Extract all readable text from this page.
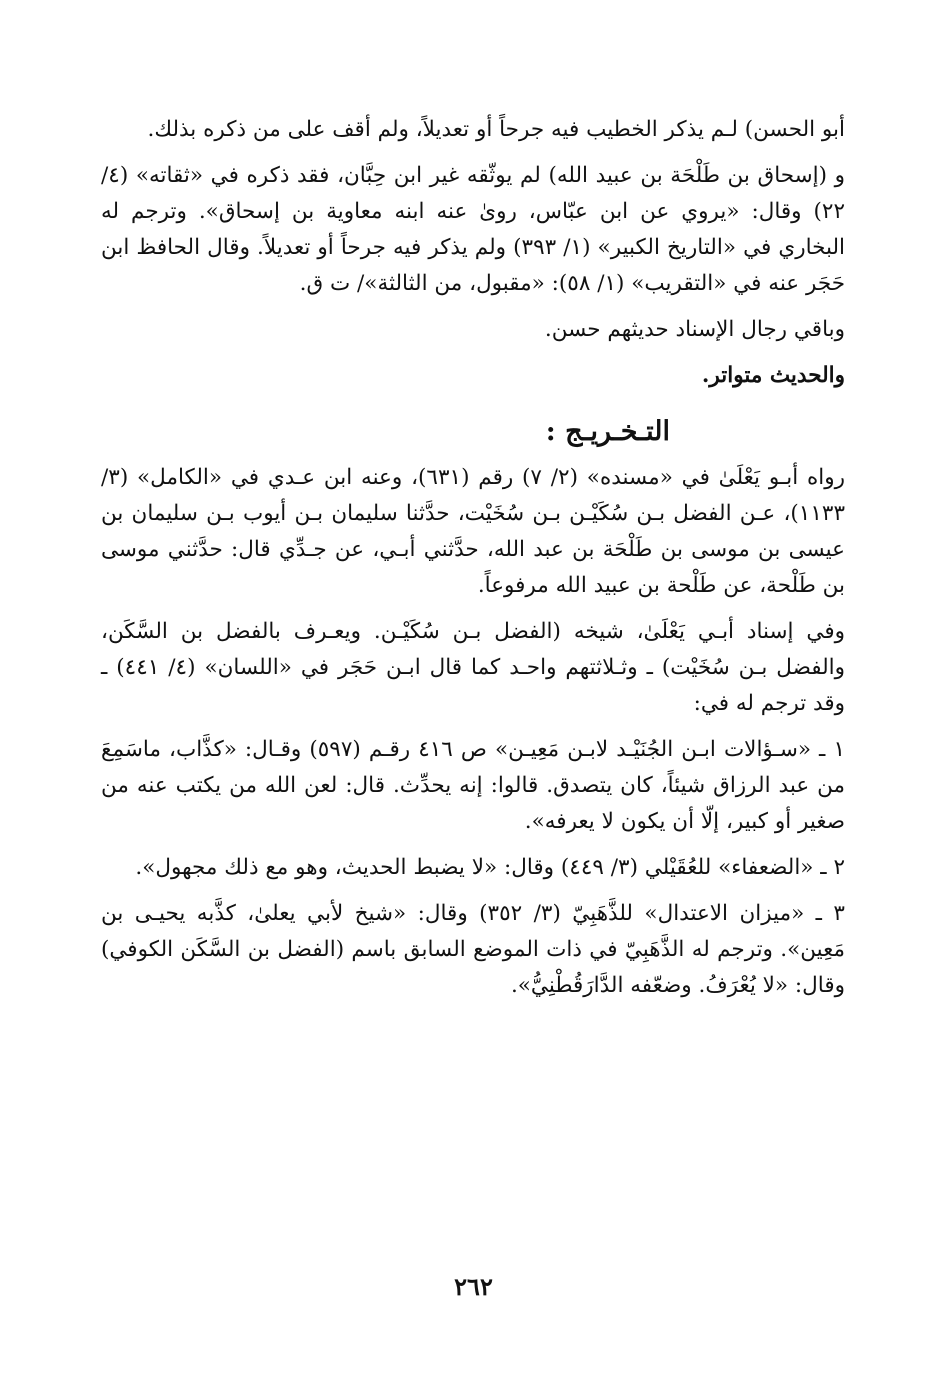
أبو الحسن) لـم يذكر الخطيب فيه جرحاً أو تعديلاً، ولم أقف على من ذكره بذلك.

و (إسحاق بن طَلْحَة بن عبيد الله) لم يوثّقه غير ابن حِبَّان، فقد ذكره في «ثقاته» (٤/ ٢٢) وقال: «يروي عن ابن عبّاس، روىٰ عنه ابنه معاوية بن إسحاق». وترجم له البخاري في «التاريخ الكبير» (١/ ٣٩٣) ولم يذكر فيه جرحاً أو تعديلاً. وقال الحافظ ابن حَجَر عنه في «التقريب» (١/ ٥٨): «مقبول، من الثالثة»/ ت ق.

وباقي رجال الإسناد حديثهم حسن.

والحديث متواتر.

التـخـريـج :

رواه أبـو يَعْلَىٰ في «مسنده» (٢/ ٧) رقم (٦٣١)، وعنه ابن عـدي في «الكامل» (٣/ ١١٣٣)، عـن الفضل بـن سُكَيْـن بـن سُخَيْت، حدَّثنا سليمان بـن أيوب بـن سليمان بن عيسى بن موسى بن طَلْحَة بن عبد الله، حدَّثني أبـي، عن جـدِّي قال: حدَّثني موسى بن طَلْحة، عن طَلْحة بن عبيد الله مرفوعاً.

وفي إسناد أبـي يَعْلَىٰ، شيخه (الفضل بـن سُكَيْـن. ويعـرف بالفضل بن السَّكَن، والفضل بـن سُخَيْت) ـ وثـلاثتهم واحـد كما قال ابـن حَجَر في «اللسان» (٤/ ٤٤١) ـ وقد ترجم له في:

١ ـ «سـؤالات ابـن الجُنَيْـد لابـن مَعِيـن» ص ٤١٦ رقـم (٥٩٧) وقـال: «كذَّاب، ماسَمِعَ من عبد الرزاق شيئاً، كان يتصدق. قالوا: إنه يحدِّث. قال: لعن الله من يكتب عنه من صغير أو كبير، إلّا أن يكون لا يعرفه».

٢ ـ «الضعفاء» للعُقَيْلي (٣/ ٤٤٩) وقال: «لا يضبط الحديث، وهو مع ذلك مجهول».

٣ ـ «ميزان الاعتدال» للذَّهَبِيّ (٣/ ٣٥٢) وقال: «شيخ لأبي يعلىٰ، كذَّبه يحيـى بن مَعِين». وترجم له الذَّهَبِيّ في ذات الموضع السابق باسم (الفضل بن السَّكَن الكوفي) وقال: «لا يُعْرَفُ. وضعّفه الدَّارَقُطْنِيُّ».

٢٦٢
